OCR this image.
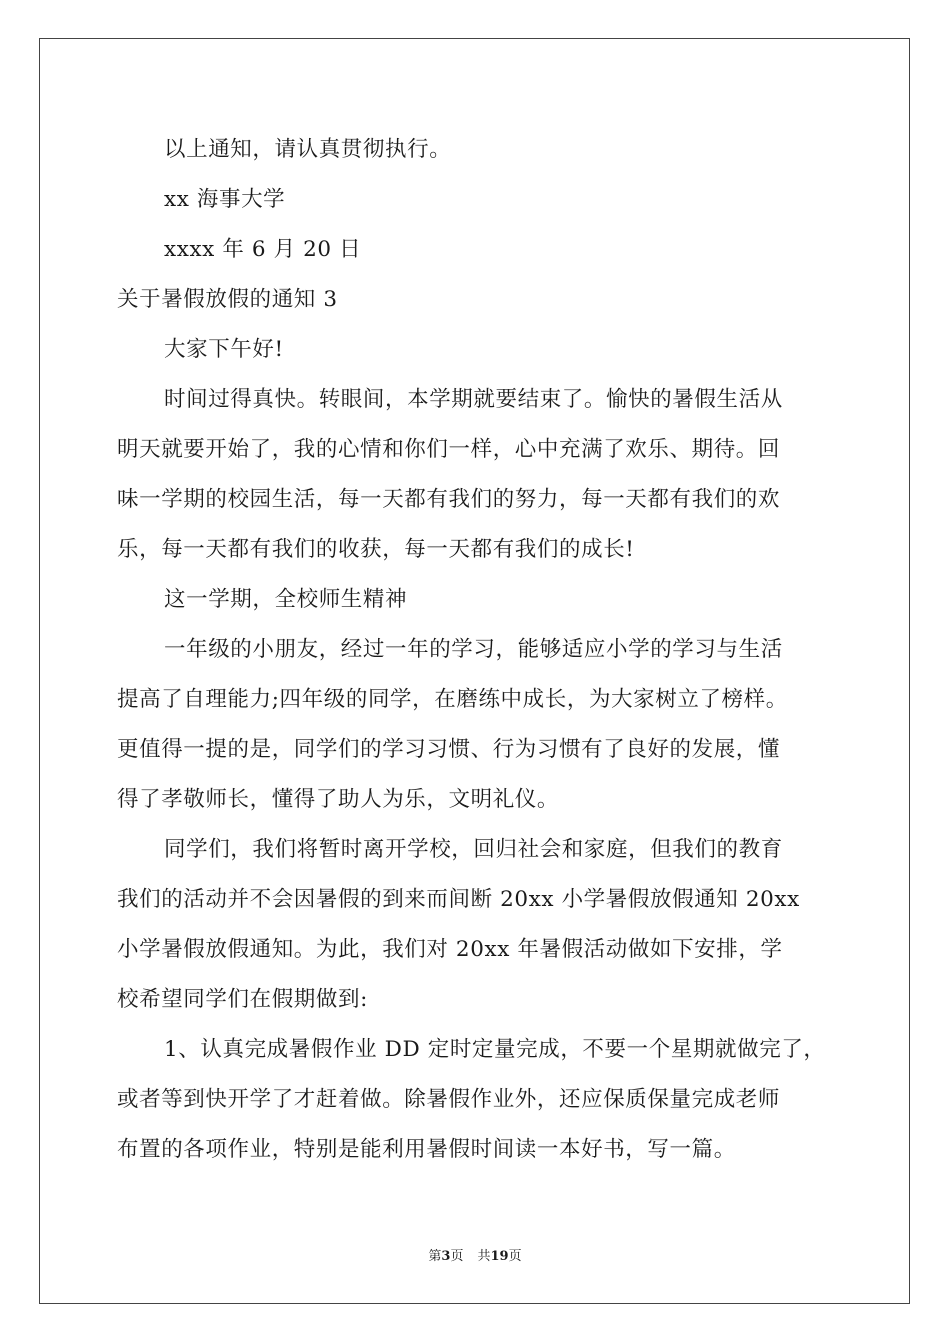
以上通知，请认真贯彻执行。
xx 海事大学
xxxx 年 6 月 20 日
关于暑假放假的通知 3
大家下午好!
时间过得真快。转眼间，本学期就要结束了。愉快的暑假生活从
明天就要开始了，我的心情和你们一样，心中充满了欢乐、期待。回
味一学期的校园生活，每一天都有我们的努力，每一天都有我们的欢
乐，每一天都有我们的收获，每一天都有我们的成长!
这一学期，全校师生精神
一年级的小朋友，经过一年的学习，能够适应小学的学习与生活
提高了自理能力;四年级的同学，在磨练中成长，为大家树立了榜样。
更值得一提的是，同学们的学习习惯、行为习惯有了良好的发展，懂
得了孝敬师长，懂得了助人为乐，文明礼仪。
同学们，我们将暂时离开学校，回归社会和家庭，但我们的教育
我们的活动并不会因暑假的到来而间断 20xx 小学暑假放假通知 20xx
小学暑假放假通知。为此，我们对 20xx 年暑假活动做如下安排，学
校希望同学们在假期做到:
1、认真完成暑假作业 DD 定时定量完成，不要一个星期就做完了，
或者等到快开学了才赶着做。除暑假作业外，还应保质保量完成老师
布置的各项作业，特别是能利用暑假时间读一本好书，写一篇。
第3页 共19页
